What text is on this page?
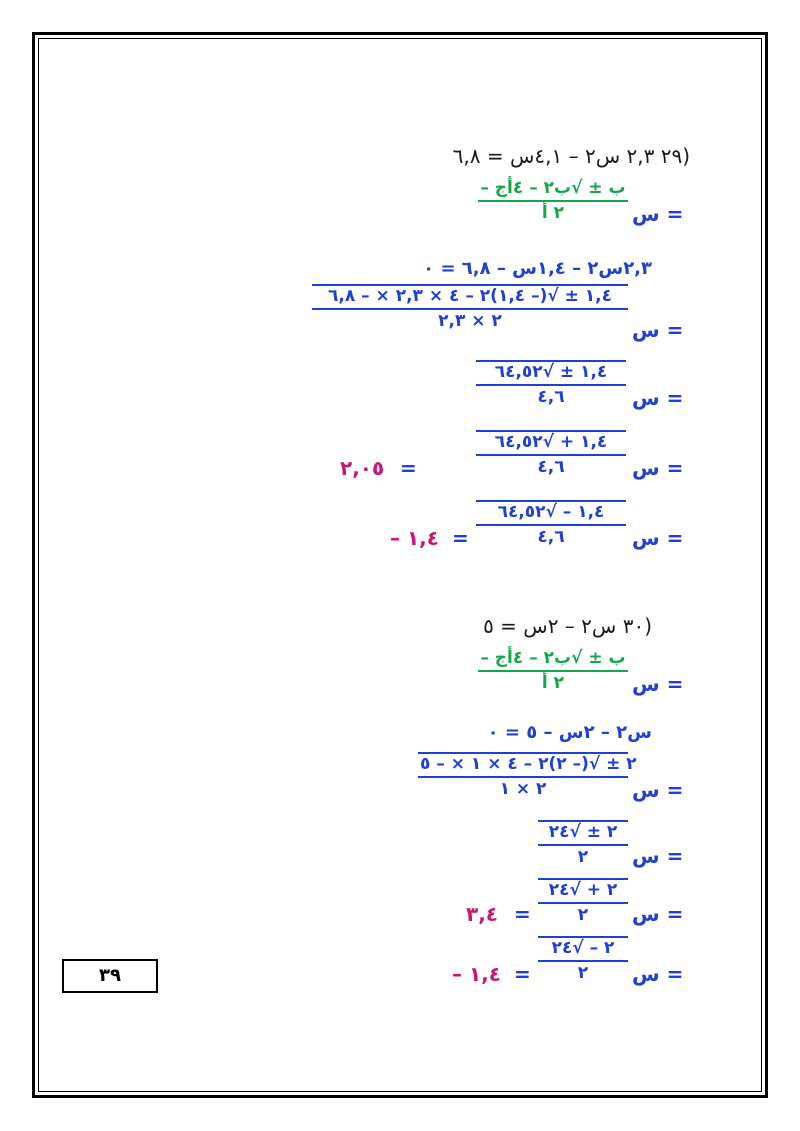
(٢٩ ٢,٣ س٢ – ٤,١س = ٦,٨
س =
– ب ± √ب٢ – ٤أج
٢ أ
٢,٣س٢ – ١,٤س – ٦,٨ = ٠
س =
١,٤ ± √(– ١,٤)٢ – ٤ × ٢,٣ × – ٦,٨
٢ × ٢,٣
س =
١,٤ ± √٦٤,٥٢
٤,٦
س =
١,٤ + √٦٤,٥٢
٤,٦
=
٢,٠٥
س =
١,٤ – √٦٤,٥٢
٤,٦
=
– ١,٤
(٣٠ س٢ – ٢س = ٥
س =
– ب ± √ب٢ – ٤أج
٢ أ
س٢ – ٢س – ٥ = ٠
س =
٢ ± √(– ٢)٢ – ٤ × ١ × – ٥
٢ × ١
س =
٢ ± √٢٤
٢
س =
٢ + √٢٤
٢
=
٣,٤
س =
٢ – √٢٤
٢
=
– ١,٤
٣٩
